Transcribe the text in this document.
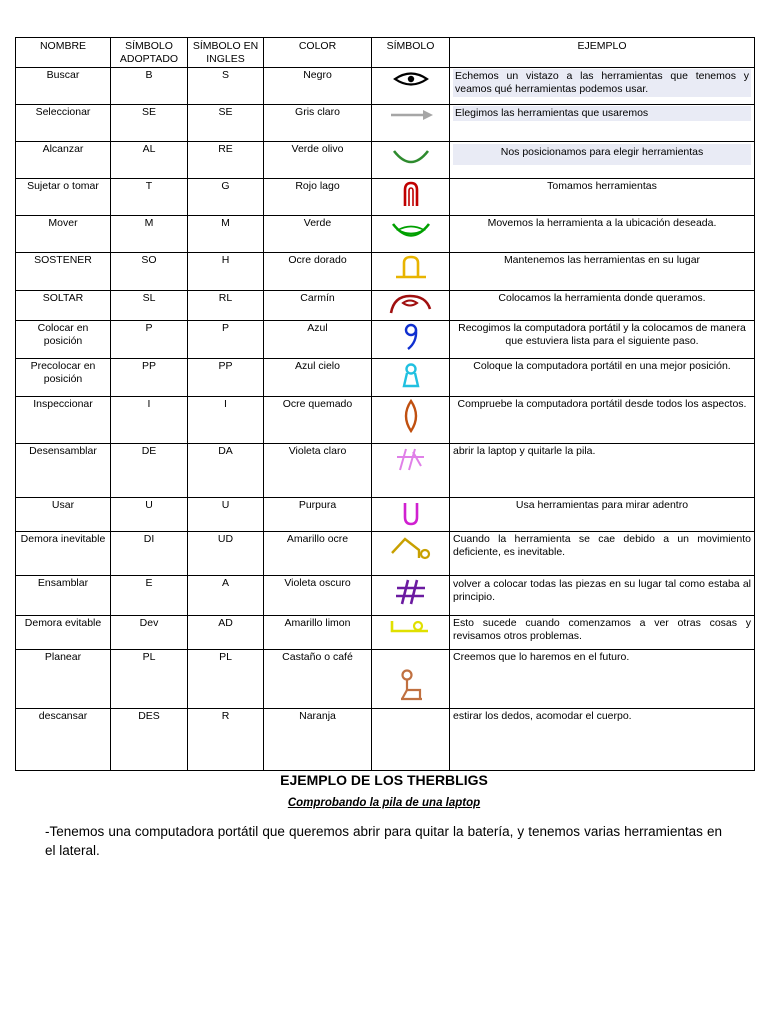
NOMBRE	SÍMBOLO ADOPTADO	SÍMBOLO EN INGLES	COLOR	SÍMBOLO	EJEMPLO
Buscar	B	S	Negro		Echemos un vistazo a las herramientas que tenemos y veamos qué herramientas podemos usar.

Seleccionar	SE	SE	Gris claro		Elegimos las herramientas que usaremos

Alcanzar	AL	RE	Verde olivo		Nos posicionamos para elegir herramientas

Sujetar o tomar	T	G	Rojo lago		Tomamos herramientas

Mover	M	M	Verde		Movemos la herramienta a la ubicación deseada.

SOSTENER	SO	H	Ocre dorado		Mantenemos las herramientas en su lugar

SOLTAR	SL	RL	Carmín		Colocamos la herramienta donde queramos.

Colocar en posición	P	P	Azul		Recogimos la computadora portátil y la colocamos de manera que estuviera lista para el siguiente paso.

Precolocar en posición	PP	PP	Azul cielo		Coloque la computadora portátil en una mejor posición.

Inspeccionar	I	I	Ocre quemado		Compruebe la computadora portátil desde todos los aspectos.

Desensamblar	DE	DA	Violeta claro		abrir la laptop y quitarle la pila.

Usar	U	U	Purpura		Usa herramientas para mirar adentro

Demora inevitable	DI	UD	Amarillo ocre		Cuando la herramienta se cae debido a un movimiento deficiente, es inevitable.

Ensamblar	E	A	Violeta oscuro		volver a colocar todas las piezas en su lugar tal como estaba al principio.

Demora evitable	Dev	AD	Amarillo limon		Esto sucede cuando comenzamos a ver otras cosas y revisamos otros problemas.

Planear	PL	PL	Castaño o café		Creemos que lo haremos en el futuro.

descansar	DES	R	Naranja		estirar los dedos, acomodar el cuerpo.
EJEMPLO DE LOS THERBLIGS
Comprobando la pila de una laptop
-Tenemos una computadora portátil que queremos abrir para quitar la batería, y tenemos varias herramientas en el lateral.
